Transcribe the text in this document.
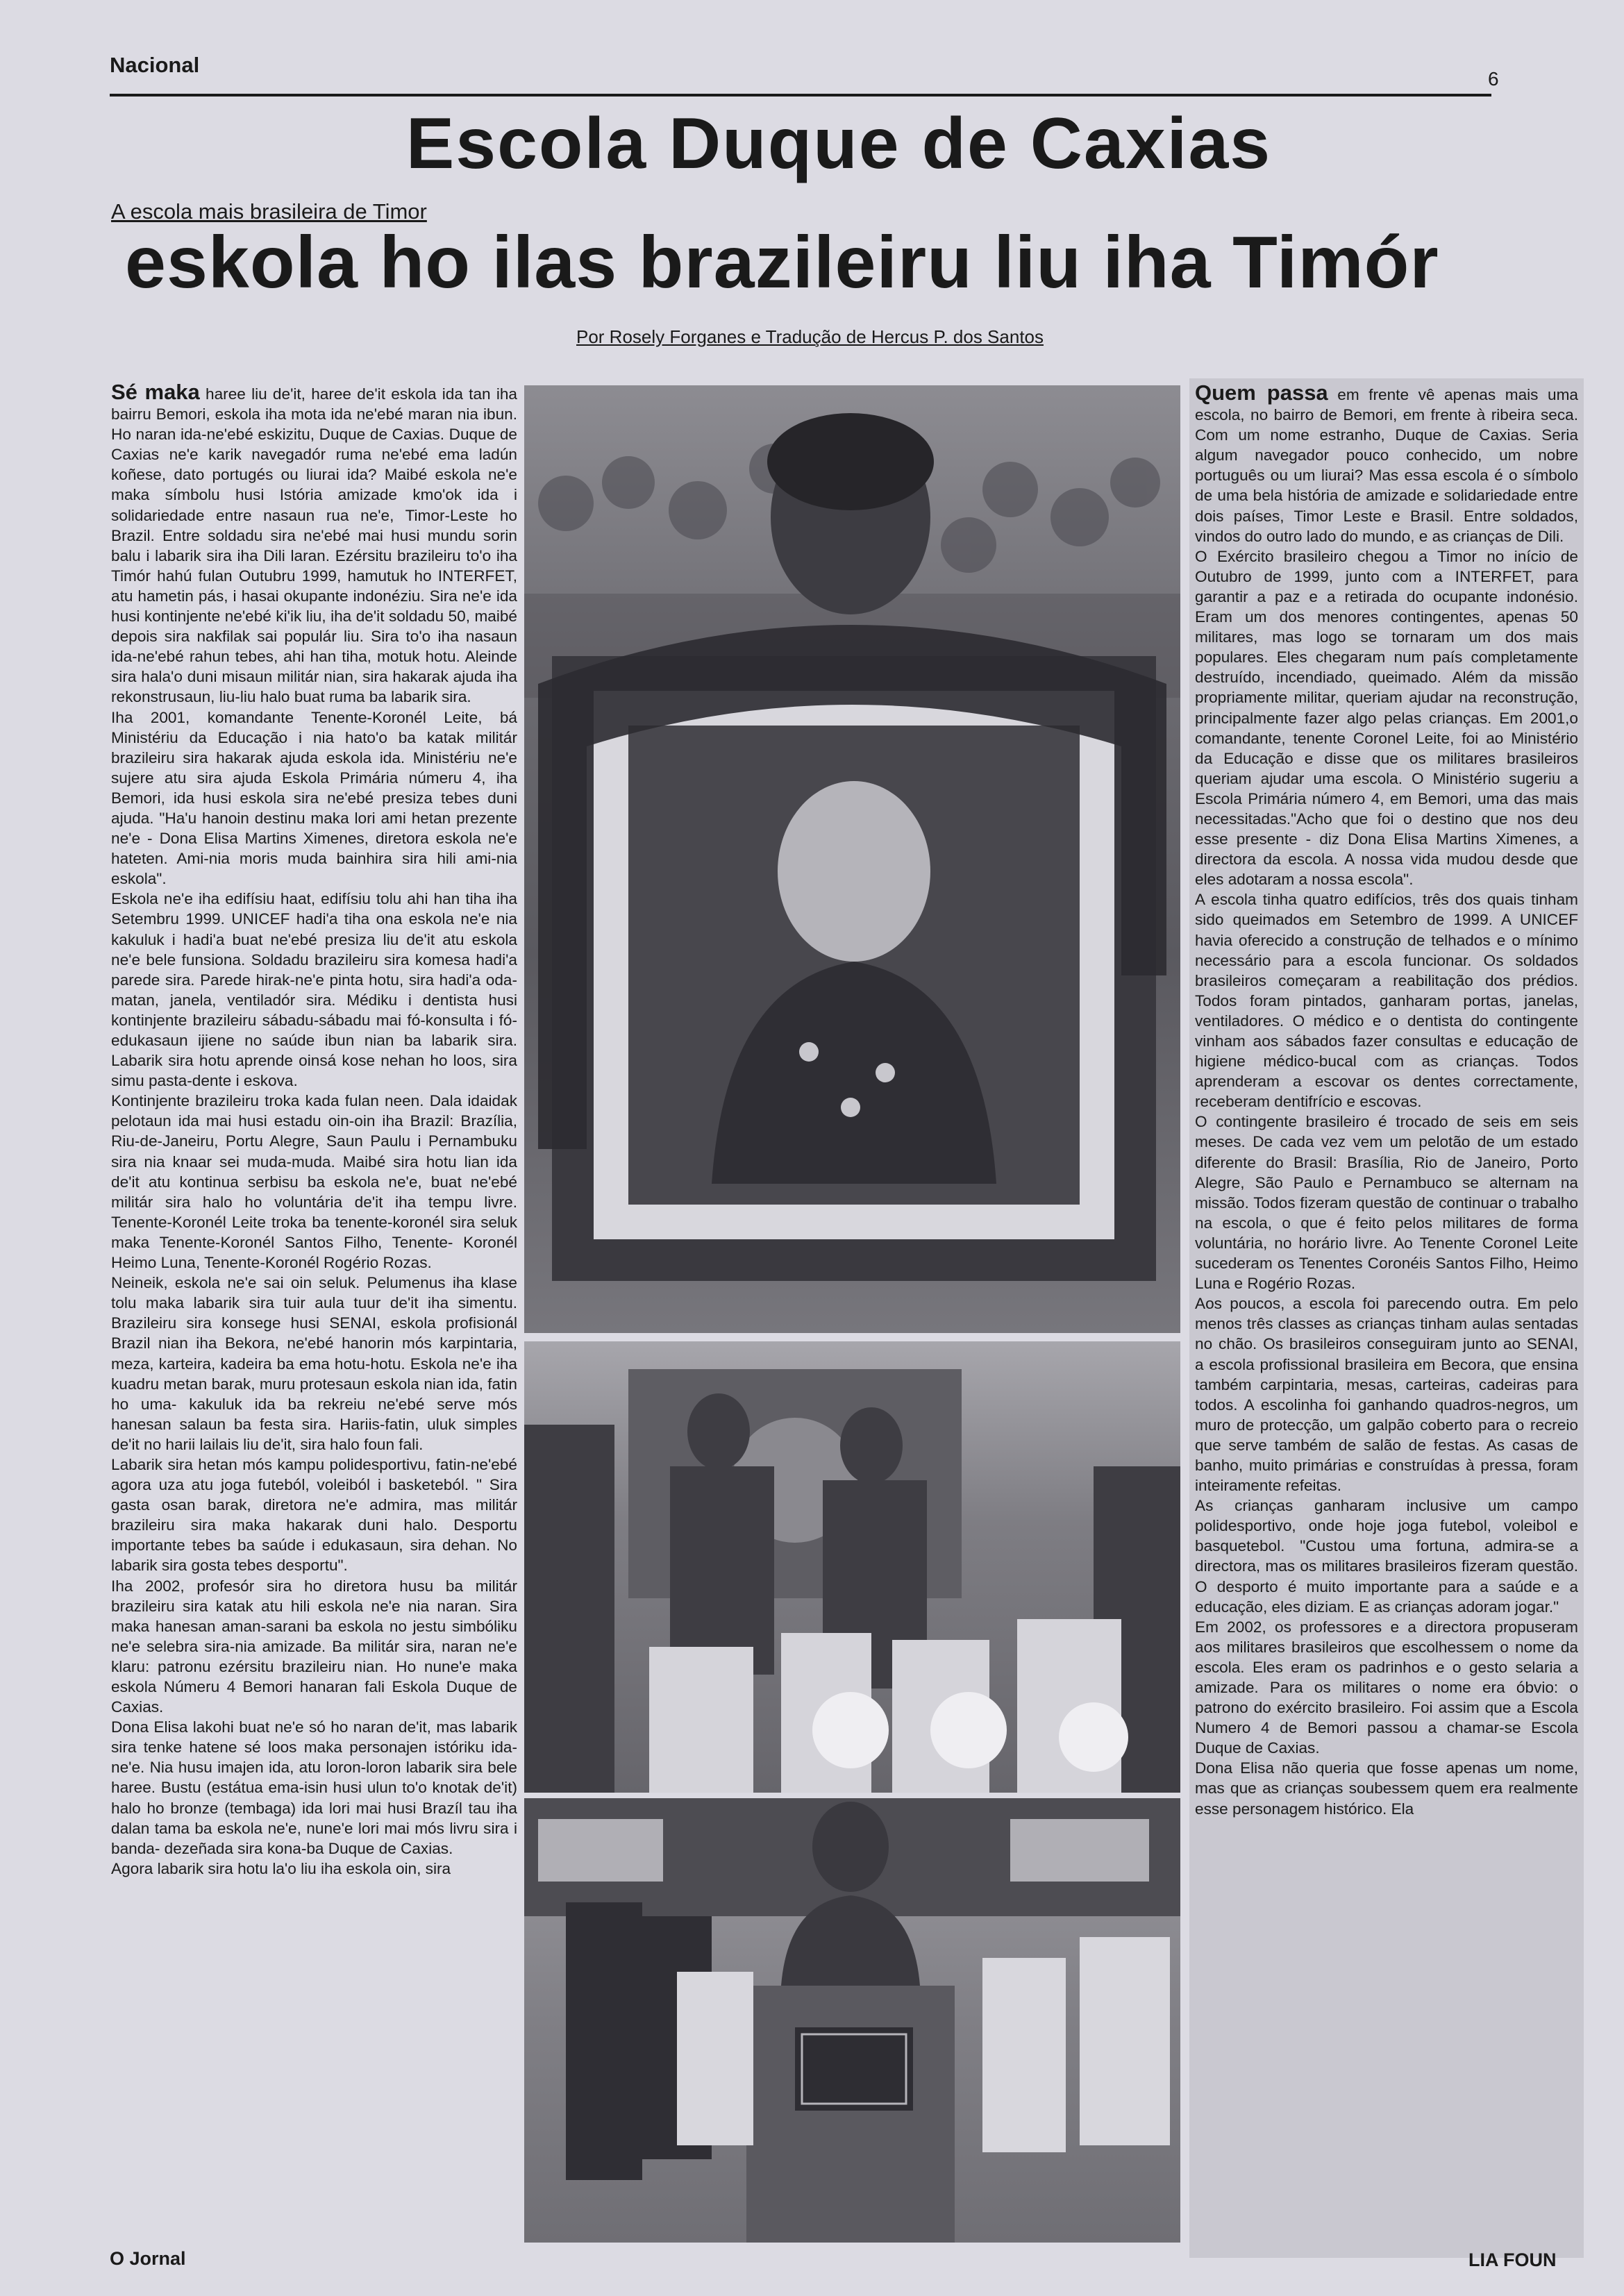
Nacional
6
Escola Duque de Caxias
A escola mais brasileira de Timor
eskola ho ilas brazileiru liu iha Timór
Por Rosely Forganes e Tradução de Hercus P. dos Santos

Sé maka haree liu de'it, haree de'it eskola ida tan iha bairru Bemori, eskola iha mota ida ne'ebé maran nia ibun. Ho naran ida-ne'ebé eskizitu, Duque de Caxias. Duque de Caxias ne'e karik navegadór ruma ne'ebé ema ladún koñese, dato portugés ou liurai ida? Maibé eskola ne'e maka símbolu husi Istória amizade kmo'ok ida i solidariedade entre nasaun rua ne'e, Timor-Leste ho Brazil. Entre soldadu sira ne'ebé mai husi mundu sorin balu i labarik sira iha Dili laran. Ezérsitu brazileiru to'o iha Timór hahú fulan Outubru 1999, hamutuk ho INTERFET, atu hametin pás, i hasai okupante indonéziu. Sira ne'e ida husi kontinjente ne'ebé ki'ik liu, iha de'it soldadu 50, maibé depois sira nakfilak sai populár liu. Sira to'o iha nasaun ida-ne'ebé rahun tebes, ahi han tiha, motuk hotu. Aleinde sira hala'o duni misaun militár nian, sira hakarak ajuda iha rekonstrusaun, liu-liu halo buat ruma ba labarik sira.

Iha 2001, komandante Tenente-Koronél Leite, bá Ministériu da Educação i nia hato'o ba katak militár brazileiru sira hakarak ajuda eskola ida. Ministériu ne'e sujere atu sira ajuda Eskola Primária númeru 4, iha Bemori, ida husi eskola sira ne'ebé presiza tebes duni ajuda. "Ha'u hanoin destinu maka lori ami hetan prezente ne'e - Dona Elisa Martins Ximenes, diretora eskola ne'e hateten. Ami-nia moris muda bainhira sira hili ami-nia eskola".

Eskola ne'e iha edifísiu haat, edifísiu tolu ahi han tiha iha Setembru 1999. UNICEF hadi'a tiha ona eskola ne'e nia kakuluk i hadi'a buat ne'ebé presiza liu de'it atu eskola ne'e bele funsiona. Soldadu brazileiru sira komesa hadi'a parede sira. Parede hirak-ne'e pinta hotu, sira hadi'a oda-matan, janela, ventiladór sira. Médiku i dentista husi kontinjente brazileiru sábadu-sábadu mai fó-konsulta i fó-edukasaun ijiene no saúde ibun nian ba labarik sira. Labarik sira hotu aprende oinsá kose nehan ho loos, sira simu pasta-dente i eskova.

Kontinjente brazileiru troka kada fulan neen. Dala idaidak pelotaun ida mai husi estadu oin-oin iha Brazil: Brazília, Riu-de-Janeiru, Portu Alegre, Saun Paulu i Pernambuku sira nia knaar sei muda-muda. Maibé sira hotu lian ida de'it atu kontinua serbisu ba eskola ne'e, buat ne'ebé militár sira halo ho voluntária de'it iha tempu livre. Tenente-Koronél Leite troka ba tenente-koronél sira seluk maka Tenente-Koronél Santos Filho, Tenente- Koronél Heimo Luna, Tenente-Koronél Rogério Rozas.

Neineik, eskola ne'e sai oin seluk. Pelumenus iha klase tolu maka labarik sira tuir aula tuur de'it iha simentu. Brazileiru sira konsege husi SENAI, eskola profisionál Brazil nian iha Bekora, ne'ebé hanorin mós karpintaria, meza, karteira, kadeira ba ema hotu-hotu. Eskola ne'e iha kuadru metan barak, muru protesaun eskola nian ida, fatin ho uma- kakuluk ida ba rekreiu ne'ebé serve mós hanesan salaun ba festa sira. Hariis-fatin, uluk simples de'it no harii lailais liu de'it, sira halo foun fali.

Labarik sira hetan mós kampu polidesportivu, fatin-ne'ebé agora uza atu joga futeból, voleiból i basketeból. " Sira gasta osan barak, diretora ne'e admira, mas militár brazileiru sira maka hakarak duni halo. Desportu importante tebes ba saúde i edukasaun, sira dehan. No labarik sira gosta tebes desportu".

Iha 2002, profesór sira ho diretora husu ba militár brazileiru sira katak atu hili eskola ne'e nia naran. Sira maka hanesan aman-sarani ba eskola no jestu simbóliku ne'e selebra sira-nia amizade. Ba militár sira, naran ne'e klaru: patronu ezérsitu brazileiru nian. Ho nune'e maka eskola Númeru 4 Bemori hanaran fali Eskola Duque de Caxias.

Dona Elisa lakohi buat ne'e só ho naran de'it, mas labarik sira tenke hatene sé loos maka personajen istóriku ida-ne'e. Nia husu imajen ida, atu loron-loron labarik sira bele haree. Bustu (estátua ema-isin husi ulun to'o knotak de'it) halo ho bronze (tembaga) ida lori mai husi Brazíl tau iha dalan tama ba eskola ne'e, nune'e lori mai mós livru sira i banda- dezeñada sira kona-ba Duque de Caxias.

Agora labarik sira hotu la'o liu iha eskola oin, sira

Quem passa em frente vê apenas mais uma escola, no bairro de Bemori, em frente à ribeira seca. Com um nome estranho, Duque de Caxias. Seria algum navegador pouco conhecido, um nobre português ou um liurai? Mas essa escola é o símbolo de uma bela história de amizade e solidariedade entre dois países, Timor Leste e Brasil. Entre soldados, vindos do outro lado do mundo, e as crianças de Dili.

O Exército brasileiro chegou a Timor no início de Outubro de 1999, junto com a INTERFET, para garantir a paz e a retirada do ocupante indonésio. Eram um dos menores contingentes, apenas 50 militares, mas logo se tornaram um dos mais populares. Eles chegaram num país completamente destruído, incendiado, queimado. Além da missão propriamente militar, queriam ajudar na reconstrução, principalmente fazer algo pelas crianças. Em 2001,o comandante, tenente Coronel Leite, foi ao Ministério da Educação e disse que os militares brasileiros queriam ajudar uma escola. O Ministério sugeriu a Escola Primária número 4, em Bemori, uma das mais necessitadas."Acho que foi o destino que nos deu esse presente - diz Dona Elisa Martins Ximenes, a directora da escola. A nossa vida mudou desde que eles adotaram a nossa escola".

A escola tinha quatro edifícios, três dos quais tinham sido queimados em Setembro de 1999. A UNICEF havia oferecido a construção de telhados e o mínimo necessário para a escola funcionar. Os soldados brasileiros começaram a reabilitação dos prédios. Todos foram pintados, ganharam portas, janelas, ventiladores. O médico e o dentista do contingente vinham aos sábados fazer consultas e educação de higiene médico-bucal com as crianças. Todos aprenderam a escovar os dentes correctamente, receberam dentifrício e escovas.

O contingente brasileiro é trocado de seis em seis meses. De cada vez vem um pelotão de um estado diferente do Brasil: Brasília, Rio de Janeiro, Porto Alegre, São Paulo e Pernambuco se alternam na missão. Todos fizeram questão de continuar o trabalho na escola, o que é feito pelos militares de forma voluntária, no horário livre. Ao Tenente Coronel Leite sucederam os Tenentes Coronéis Santos Filho, Heimo Luna e Rogério Rozas.

Aos poucos, a escola foi parecendo outra. Em pelo menos três classes as crianças tinham aulas sentadas no chão. Os brasileiros conseguiram junto ao SENAI, a escola profissional brasileira em Becora, que ensina também carpintaria, mesas, carteiras, cadeiras para todos. A escolinha foi ganhando quadros-negros, um muro de protecção, um galpão coberto para o recreio que serve também de salão de festas. As casas de banho, muito primárias e construídas à pressa, foram inteiramente refeitas.

As crianças ganharam inclusive um campo polidesportivo, onde hoje joga futebol, voleibol e basquetebol. "Custou uma fortuna, admira-se a directora, mas os militares brasileiros fizeram questão. O desporto é muito importante para a saúde e a educação, eles diziam. E as crianças adoram jogar."

Em 2002, os professores e a directora propuseram aos militares brasileiros que escolhessem o nome da escola. Eles eram os padrinhos e o gesto selaria a amizade. Para os militares o nome era óbvio: o patrono do exército brasileiro. Foi assim que a Escola Numero 4 de Bemori passou a chamar-se Escola Duque de Caxias.

Dona Elisa não queria que fosse apenas um nome, mas que as crianças soubessem quem era realmente esse personagem histórico. Ela

O Jornal	LIA FOUN
